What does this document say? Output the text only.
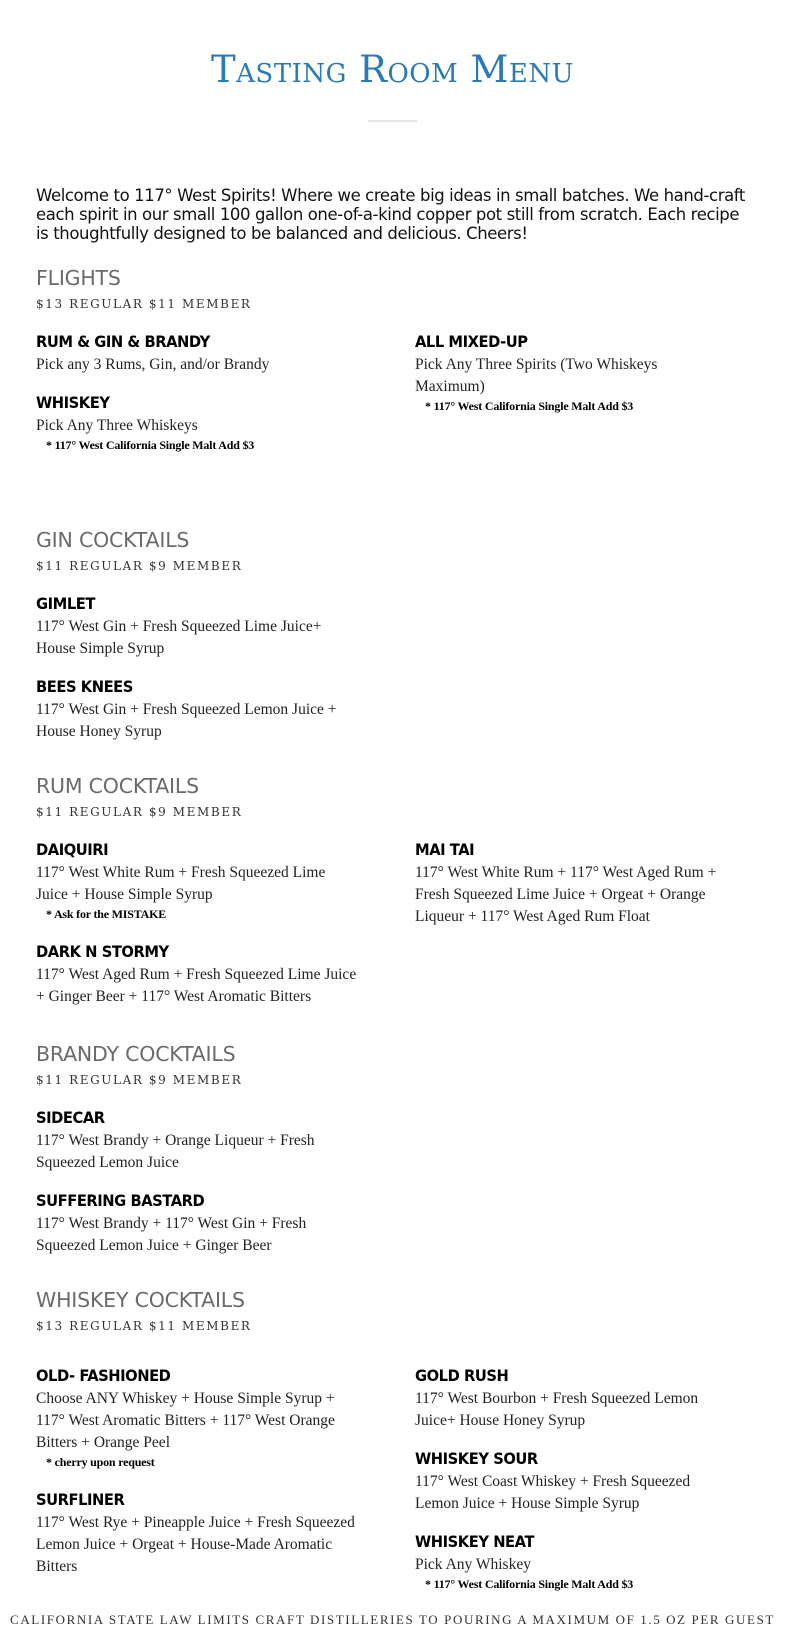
Tasting Room Menu
Welcome to 117° West Spirits! Where we create big ideas in small batches. We hand-craft each spirit in our small 100 gallon one-of-a-kind copper pot still from scratch. Each recipe is thoughtfully designed to be balanced and delicious. Cheers!
FLIGHTS
$13 REGULAR $11 MEMBER
RUM & GIN & BRANDY
Pick any 3 Rums, Gin, and/or Brandy
ALL MIXED-UP
Pick Any Three Spirits (Two Whiskeys Maximum)
* 117° West California Single Malt Add $3
WHISKEY
Pick Any Three Whiskeys
* 117° West California Single Malt Add $3
GIN COCKTAILS
$11 REGULAR $9 MEMBER
GIMLET
117° West Gin + Fresh Squeezed Lime Juice+ House Simple Syrup
BEES KNEES
117° West Gin + Fresh Squeezed Lemon Juice + House Honey Syrup
RUM COCKTAILS
$11 REGULAR $9 MEMBER
DAIQUIRI
117° West White Rum + Fresh Squeezed Lime Juice + House Simple Syrup
* Ask for the MISTAKE
MAI TAI
117° West White Rum + 117° West Aged Rum + Fresh Squeezed Lime Juice + Orgeat + Orange Liqueur + 117° West Aged Rum Float
DARK N STORMY
117° West Aged Rum + Fresh Squeezed Lime Juice + Ginger Beer + 117° West Aromatic Bitters
BRANDY COCKTAILS
$11 REGULAR $9 MEMBER
SIDECAR
117° West Brandy + Orange Liqueur + Fresh Squeezed Lemon Juice
SUFFERING BASTARD
117° West Brandy + 117° West Gin + Fresh Squeezed Lemon Juice + Ginger Beer
WHISKEY COCKTAILS
$13 REGULAR $11 MEMBER
OLD- FASHIONED
Choose ANY Whiskey + House Simple Syrup + 117° West Aromatic Bitters + 117° West Orange Bitters + Orange Peel
* cherry upon request
GOLD RUSH
117° West Bourbon + Fresh Squeezed Lemon Juice+ House Honey Syrup
SURFLINER
117° West Rye + Pineapple Juice + Fresh Squeezed Lemon Juice + Orgeat + House-Made Aromatic Bitters
WHISKEY SOUR
117° West Coast Whiskey + Fresh Squeezed Lemon Juice + House Simple Syrup
WHISKEY NEAT
Pick Any Whiskey
* 117° West California Single Malt Add $3
CALIFORNIA STATE LAW LIMITS CRAFT DISTILLERIES TO POURING A MAXIMUM OF 1.5 OZ PER GUEST
